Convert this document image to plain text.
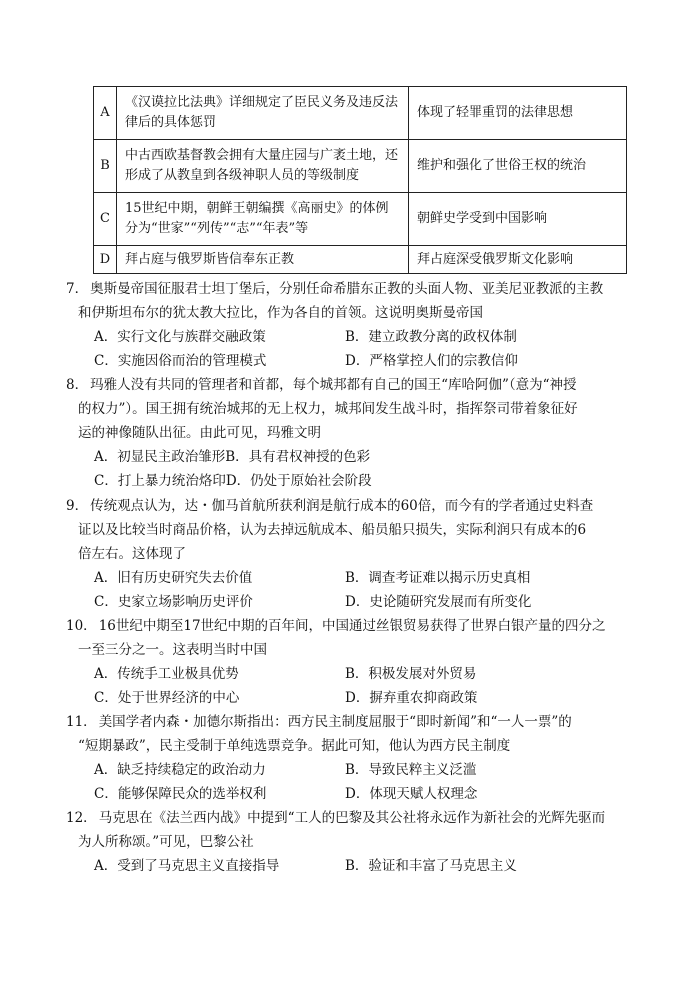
A	《汉谟拉比法典》详细规定了臣民义务及违反法律后的具体惩罚	体现了轻罪重罚的法律思想
B	中古西欧基督教会拥有大量庄园与广袤土地，还形成了从教皇到各级神职人员的等级制度	维护和强化了世俗王权的统治
C	15世纪中期，朝鲜王朝编撰《高丽史》的体例分为“世家”“列传”“志”“年表”等	朝鲜史学受到中国影响
D	拜占庭与俄罗斯皆信奉东正教	拜占庭深受俄罗斯文化影响
7． 奥斯曼帝国征服君士坦丁堡后，分别任命希腊东正教的头面人物、亚美尼亚教派的主教
和伊斯坦布尔的犹太教大拉比，作为各自的首领。这说明奥斯曼帝国
A．实行文化与族群交融政策	B．建立政教分离的政权体制
C．实施因俗而治的管理模式	D．严格掌控人们的宗教信仰
8． 玛雅人没有共同的管理者和首都，每个城邦都有自己的国王“库哈阿伽”（意为“神授
的权力”）。国王拥有统治城邦的无上权力，城邦间发生战斗时，指挥祭司带着象征好
运的神像随队出征。由此可见，玛雅文明
A．初显民主政治雏形B．具有君权神授的色彩
C．打上暴力统治烙印D．仍处于原始社会阶段
9． 传统观点认为，达・伽马首航所获利润是航行成本的60倍，而今有的学者通过史料查
证以及比较当时商品价格，认为去掉远航成本、船员船只损失，实际利润只有成本的6
倍左右。这体现了
A．旧有历史研究失去价值	B．调查考证难以揭示历史真相
C．史家立场影响历史评价	D．史论随研究发展而有所变化
10． 16世纪中期至17世纪中期的百年间，中国通过丝银贸易获得了世界白银产量的四分之
一至三分之一。这表明当时中国
A．传统手工业极具优势	B．积极发展对外贸易
C．处于世界经济的中心	D．摒弃重农抑商政策
11． 美国学者内森・加德尔斯指出：西方民主制度屈服于“即时新闻”和“一人一票”的
“短期暴政”，民主受制于单纯选票竞争。据此可知，他认为西方民主制度
A．缺乏持续稳定的政治动力	B．导致民粹主义泛滥
C．能够保障民众的选举权利	D．体现天赋人权理念
12． 马克思在《法兰西内战》中提到“工人的巴黎及其公社将永远作为新社会的光辉先驱而
为人所称颂。”可见，巴黎公社
A．受到了马克思主义直接指导	B．验证和丰富了马克思主义
